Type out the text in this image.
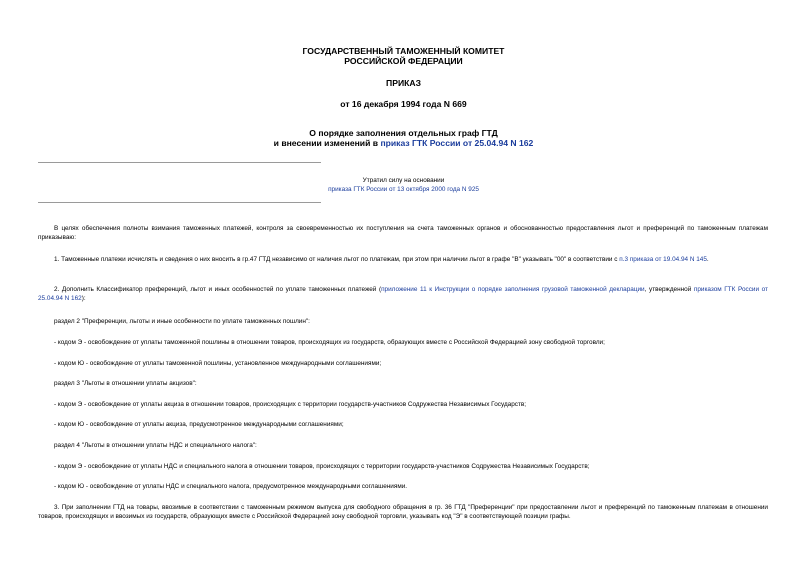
ГОСУДАРСТВЕННЫЙ ТАМОЖЕННЫЙ КОМИТЕТ
РОССИЙСКОЙ ФЕДЕРАЦИИ
ПРИКАЗ
от 16 декабря 1994 года N 669
О порядке заполнения отдельных граф ГТД
и внесении изменений в приказ ГТК России от 25.04.94 N 162
Утратил силу на основании
приказа ГТК России от 13 октября 2000 года N 925
В целях обеспечения полноты взимания таможенных платежей, контроля за своевременностью их поступления на счета таможенных органов и обоснованностью предоставления льгот и преференций по таможенным платежам приказываю:
1. Таможенные платежи исчислять и сведения о них вносить в гр.47 ГТД независимо от наличия льгот по платежам, при этом при наличии льгот в графе "В" указывать "00" в соответствии с п.3 приказа от 19.04.94 N 145.
2. Дополнить Классификатор преференций, льгот и иных особенностей по уплате таможенных платежей (приложение 11 к Инструкции о порядке заполнения грузовой таможенной декларации, утвержденной приказом ГТК России от 25.04.94 N 162):
раздел 2 "Преференции, льготы и иные особенности по уплате таможенных пошлин":
- кодом Э - освобождение от уплаты таможенной пошлины в отношении товаров, происходящих из государств, образующих вместе с Российской Федерацией зону свободной торговли;
- кодом Ю - освобождение от уплаты таможенной пошлины, установленное международными соглашениями;
раздел 3 "Льготы в отношении уплаты акцизов":
- кодом Э - освобождение от уплаты акциза в отношении товаров, происходящих с территории государств-участников Содружества Независимых Государств;
- кодом Ю - освобождение от уплаты акциза, предусмотренное международными соглашениями;
раздел 4 "Льготы в отношении уплаты НДС и специального налога":
- кодом Э - освобождение от уплаты НДС и специального налога в отношении товаров, происходящих с территории государств-участников Содружества Независимых Государств;
- кодом Ю - освобождение от уплаты НДС и специального налога, предусмотренное международными соглашениями.
3. При заполнении ГТД на товары, ввозимые в соответствии с таможенным режимом выпуска для свободного обращения в гр. 36 ГТД "Преференции" при предоставлении льгот и преференций по таможенным платежам в отношении товаров, происходящих и ввозимых из государств, образующих вместе с Российской Федерацией зону свободной торговли, указывать код "Э" в соответствующей позиции графы.
